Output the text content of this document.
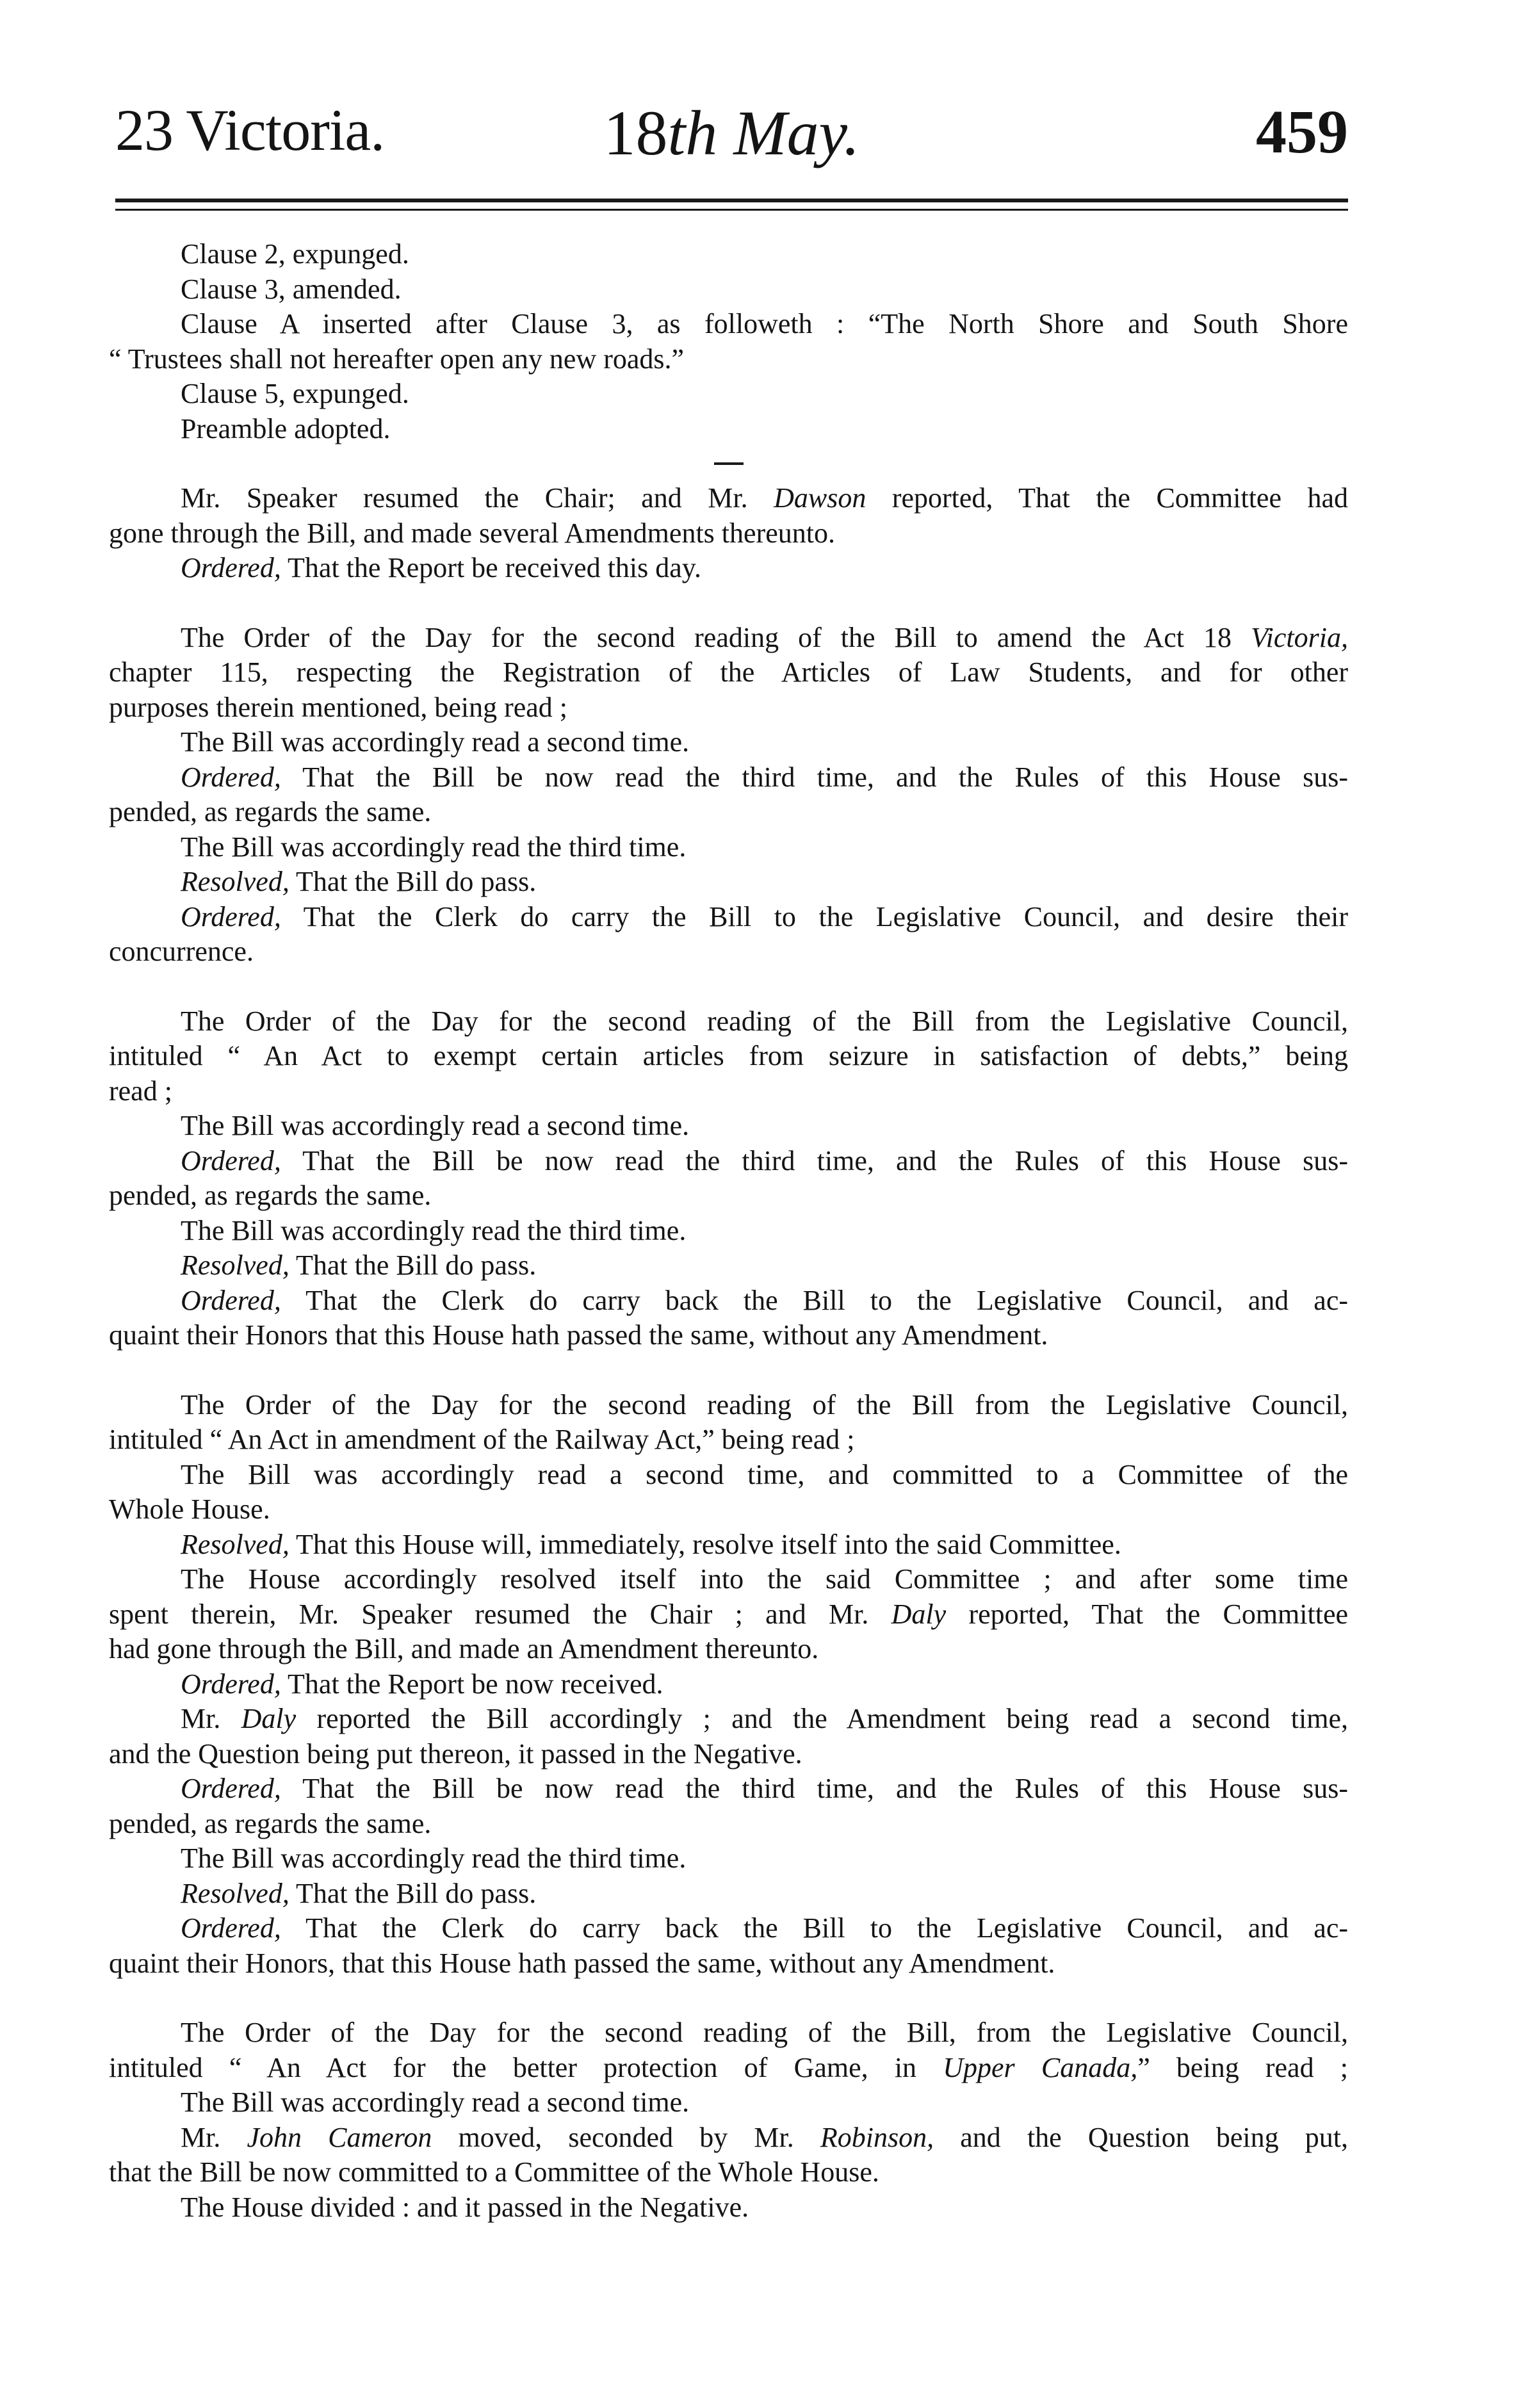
23 Victoria.	18th May.	459
Clause 2, expunged.
Clause 3, amended.
Clause A inserted after Clause 3, as followeth : “The North Shore and South Shore
“ Trustees shall not hereafter open any new roads.”
Clause 5, expunged.
Preamble adopted.
Mr. Speaker resumed the Chair; and Mr. Dawson reported, That the Committee had
gone through the Bill, and made several Amendments thereunto.
Ordered, That the Report be received this day.
The Order of the Day for the second reading of the Bill to amend the Act 18 Victoria,
chapter 115, respecting the Registration of the Articles of Law Students, and for other
purposes therein mentioned, being read ;
The Bill was accordingly read a second time.
Ordered, That the Bill be now read the third time, and the Rules of this House sus-
pended, as regards the same.
The Bill was accordingly read the third time.
Resolved, That the Bill do pass.
Ordered, That the Clerk do carry the Bill to the Legislative Council, and desire their
concurrence.
The Order of the Day for the second reading of the Bill from the Legislative Council,
intituled “ An Act to exempt certain articles from seizure in satisfaction of debts,” being
read ;
The Bill was accordingly read a second time.
Ordered, That the Bill be now read the third time, and the Rules of this House sus-
pended, as regards the same.
The Bill was accordingly read the third time.
Resolved, That the Bill do pass.
Ordered, That the Clerk do carry back the Bill to the Legislative Council, and ac-
quaint their Honors that this House hath passed the same, without any Amendment.
The Order of the Day for the second reading of the Bill from the Legislative Council,
intituled “ An Act in amendment of the Railway Act,” being read ;
The Bill was accordingly read a second time, and committed to a Committee of the
Whole House.
Resolved, That this House will, immediately, resolve itself into the said Committee.
The House accordingly resolved itself into the said Committee ; and after some time
spent therein, Mr. Speaker resumed the Chair ; and Mr. Daly reported, That the Committee
had gone through the Bill, and made an Amendment thereunto.
Ordered, That the Report be now received.
Mr. Daly reported the Bill accordingly ; and the Amendment being read a second time,
and the Question being put thereon, it passed in the Negative.
Ordered, That the Bill be now read the third time, and the Rules of this House sus-
pended, as regards the same.
The Bill was accordingly read the third time.
Resolved, That the Bill do pass.
Ordered, That the Clerk do carry back the Bill to the Legislative Council, and ac-
quaint their Honors, that this House hath passed the same, without any Amendment.
The Order of the Day for the second reading of the Bill, from the Legislative Council,
intituled “ An Act for the better protection of Game, in Upper Canada,” being read ;
The Bill was accordingly read a second time.
Mr. John Cameron moved, seconded by Mr. Robinson, and the Question being put,
that the Bill be now committed to a Committee of the Whole House.
The House divided : and it passed in the Negative.
